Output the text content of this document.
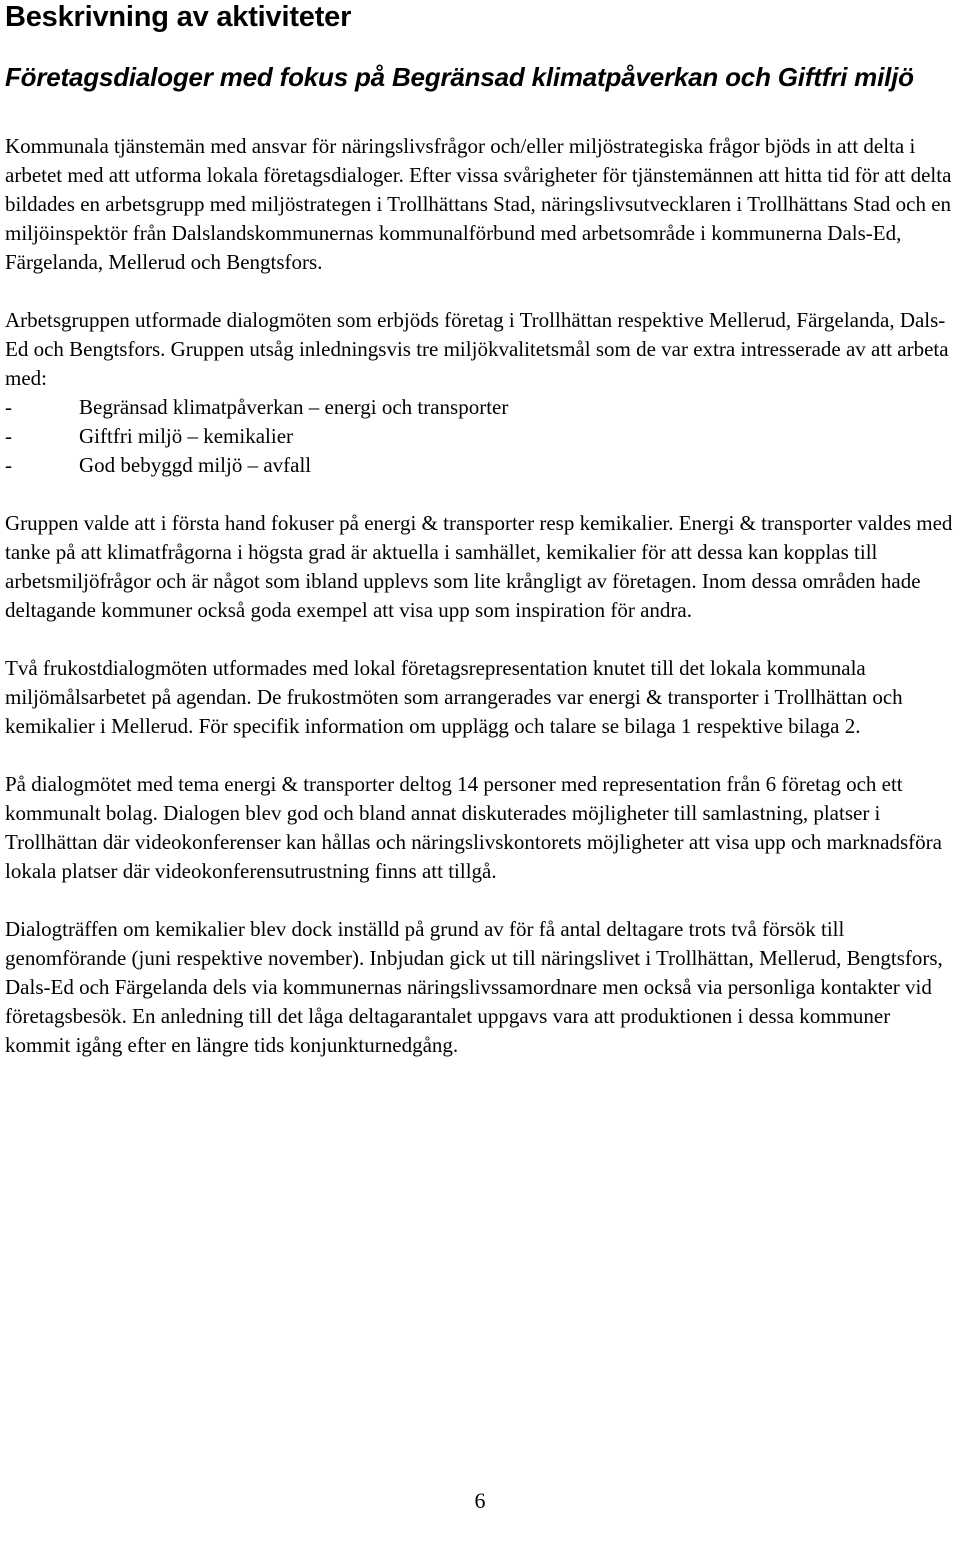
Beskrivning av aktiviteter
Företagsdialoger med fokus på Begränsad klimatpåverkan och Giftfri miljö

Kommunala tjänstemän med ansvar för näringslivsfrågor och/eller miljöstrategiska frågor bjöds in att delta i arbetet med att utforma lokala företagsdialoger. Efter vissa svårigheter för tjänstemännen att hitta tid för att delta bildades en arbetsgrupp med miljöstrategen i Trollhättans Stad, näringslivsutvecklaren i Trollhättans Stad och en miljöinspektör från Dalslandskommunernas kommunalförbund med arbetsområde i kommunerna Dals-Ed, Färgelanda, Mellerud och Bengtsfors.

Arbetsgruppen utformade dialogmöten som erbjöds företag i Trollhättan respektive Mellerud, Färgelanda, Dals-Ed och Bengtsfors. Gruppen utsåg inledningsvis tre miljökvalitetsmål som de var extra intresserade av att arbeta med:

-	Begränsad klimatpåverkan – energi och transporter
-	Giftfri miljö – kemikalier
-	God bebyggd miljö – avfall

Gruppen valde att i första hand fokuser på energi & transporter resp kemikalier. Energi & transporter valdes med tanke på att klimatfrågorna i högsta grad är aktuella i samhället, kemikalier för att dessa kan kopplas till arbetsmiljöfrågor och är något som ibland upplevs som lite krångligt av företagen. Inom dessa områden hade deltagande kommuner också goda exempel att visa upp som inspiration för andra.

Två frukostdialogmöten utformades med lokal företagsrepresentation knutet till det lokala kommunala miljömålsarbetet på agendan. De frukostmöten som arrangerades var energi & transporter i Trollhättan och kemikalier i Mellerud. För specifik information om upplägg och talare se bilaga 1 respektive bilaga 2.

På dialogmötet med tema energi & transporter deltog 14 personer med representation från 6 företag och ett kommunalt bolag. Dialogen blev god och bland annat diskuterades möjligheter till samlastning, platser i Trollhättan där videokonferenser kan hållas och näringslivskontorets möjligheter att visa upp och marknadsföra lokala platser där videokonferensutrustning finns att tillgå.

Dialogträffen om kemikalier blev dock inställd på grund av för få antal deltagare trots två försök till genomförande (juni respektive november). Inbjudan gick ut till näringslivet i Trollhättan, Mellerud, Bengtsfors, Dals-Ed och Färgelanda dels via kommunernas näringslivssamordnare men också via personliga kontakter vid företagsbesök. En anledning till det låga deltagarantalet uppgavs vara att produktionen i dessa kommuner kommit igång efter en längre tids konjunkturnedgång.

6
